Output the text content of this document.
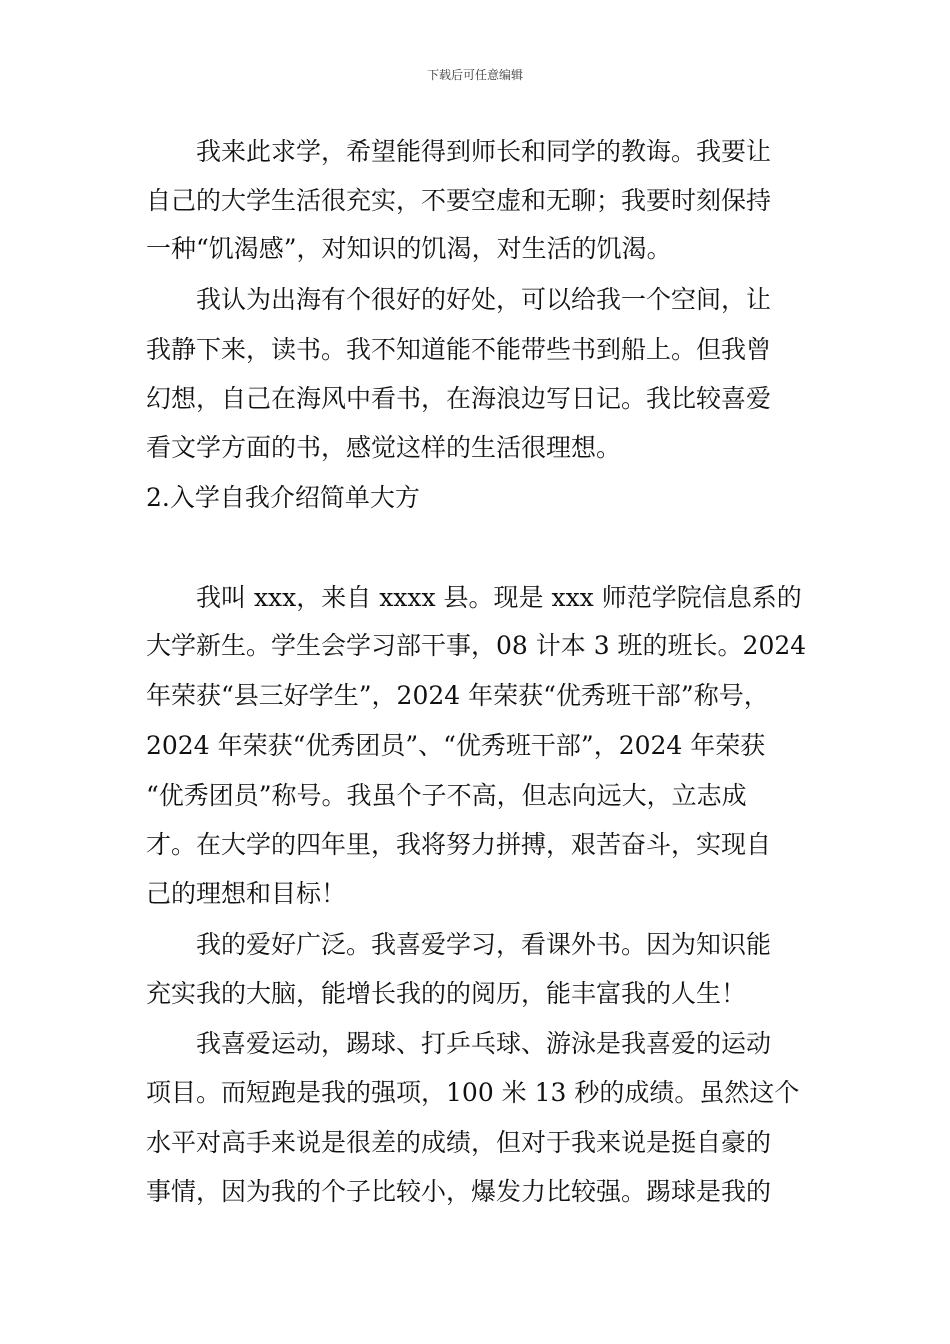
下载后可任意编辑
我来此求学，希望能得到师长和同学的教诲。我要让
自己的大学生活很充实，不要空虚和无聊；我要时刻保持
一种“饥渴感”，对知识的饥渴，对生活的饥渴。
我认为出海有个很好的好处，可以给我一个空间，让
我静下来，读书。我不知道能不能带些书到船上。但我曾
幻想，自己在海风中看书，在海浪边写日记。我比较喜爱
看文学方面的书，感觉这样的生活很理想。
2.入学自我介绍简单大方
我叫 xxx，来自 xxxx 县。现是 xxx 师范学院信息系的
大学新生。学生会学习部干事，08 计本 3 班的班长。2024
年荣获“县三好学生”，2024 年荣获“优秀班干部”称号，
2024 年荣获“优秀团员”、“优秀班干部”，2024 年荣获
“优秀团员”称号。我虽个子不高，但志向远大，立志成
才。在大学的四年里，我将努力拼搏，艰苦奋斗，实现自
己的理想和目标！
我的爱好广泛。我喜爱学习，看课外书。因为知识能
充实我的大脑，能增长我的的阅历，能丰富我的人生！
我喜爱运动，踢球、打乒乓球、游泳是我喜爱的运动
项目。而短跑是我的强项，100 米 13 秒的成绩。虽然这个
水平对高手来说是很差的成绩，但对于我来说是挺自豪的
事情，因为我的个子比较小，爆发力比较强。踢球是我的
